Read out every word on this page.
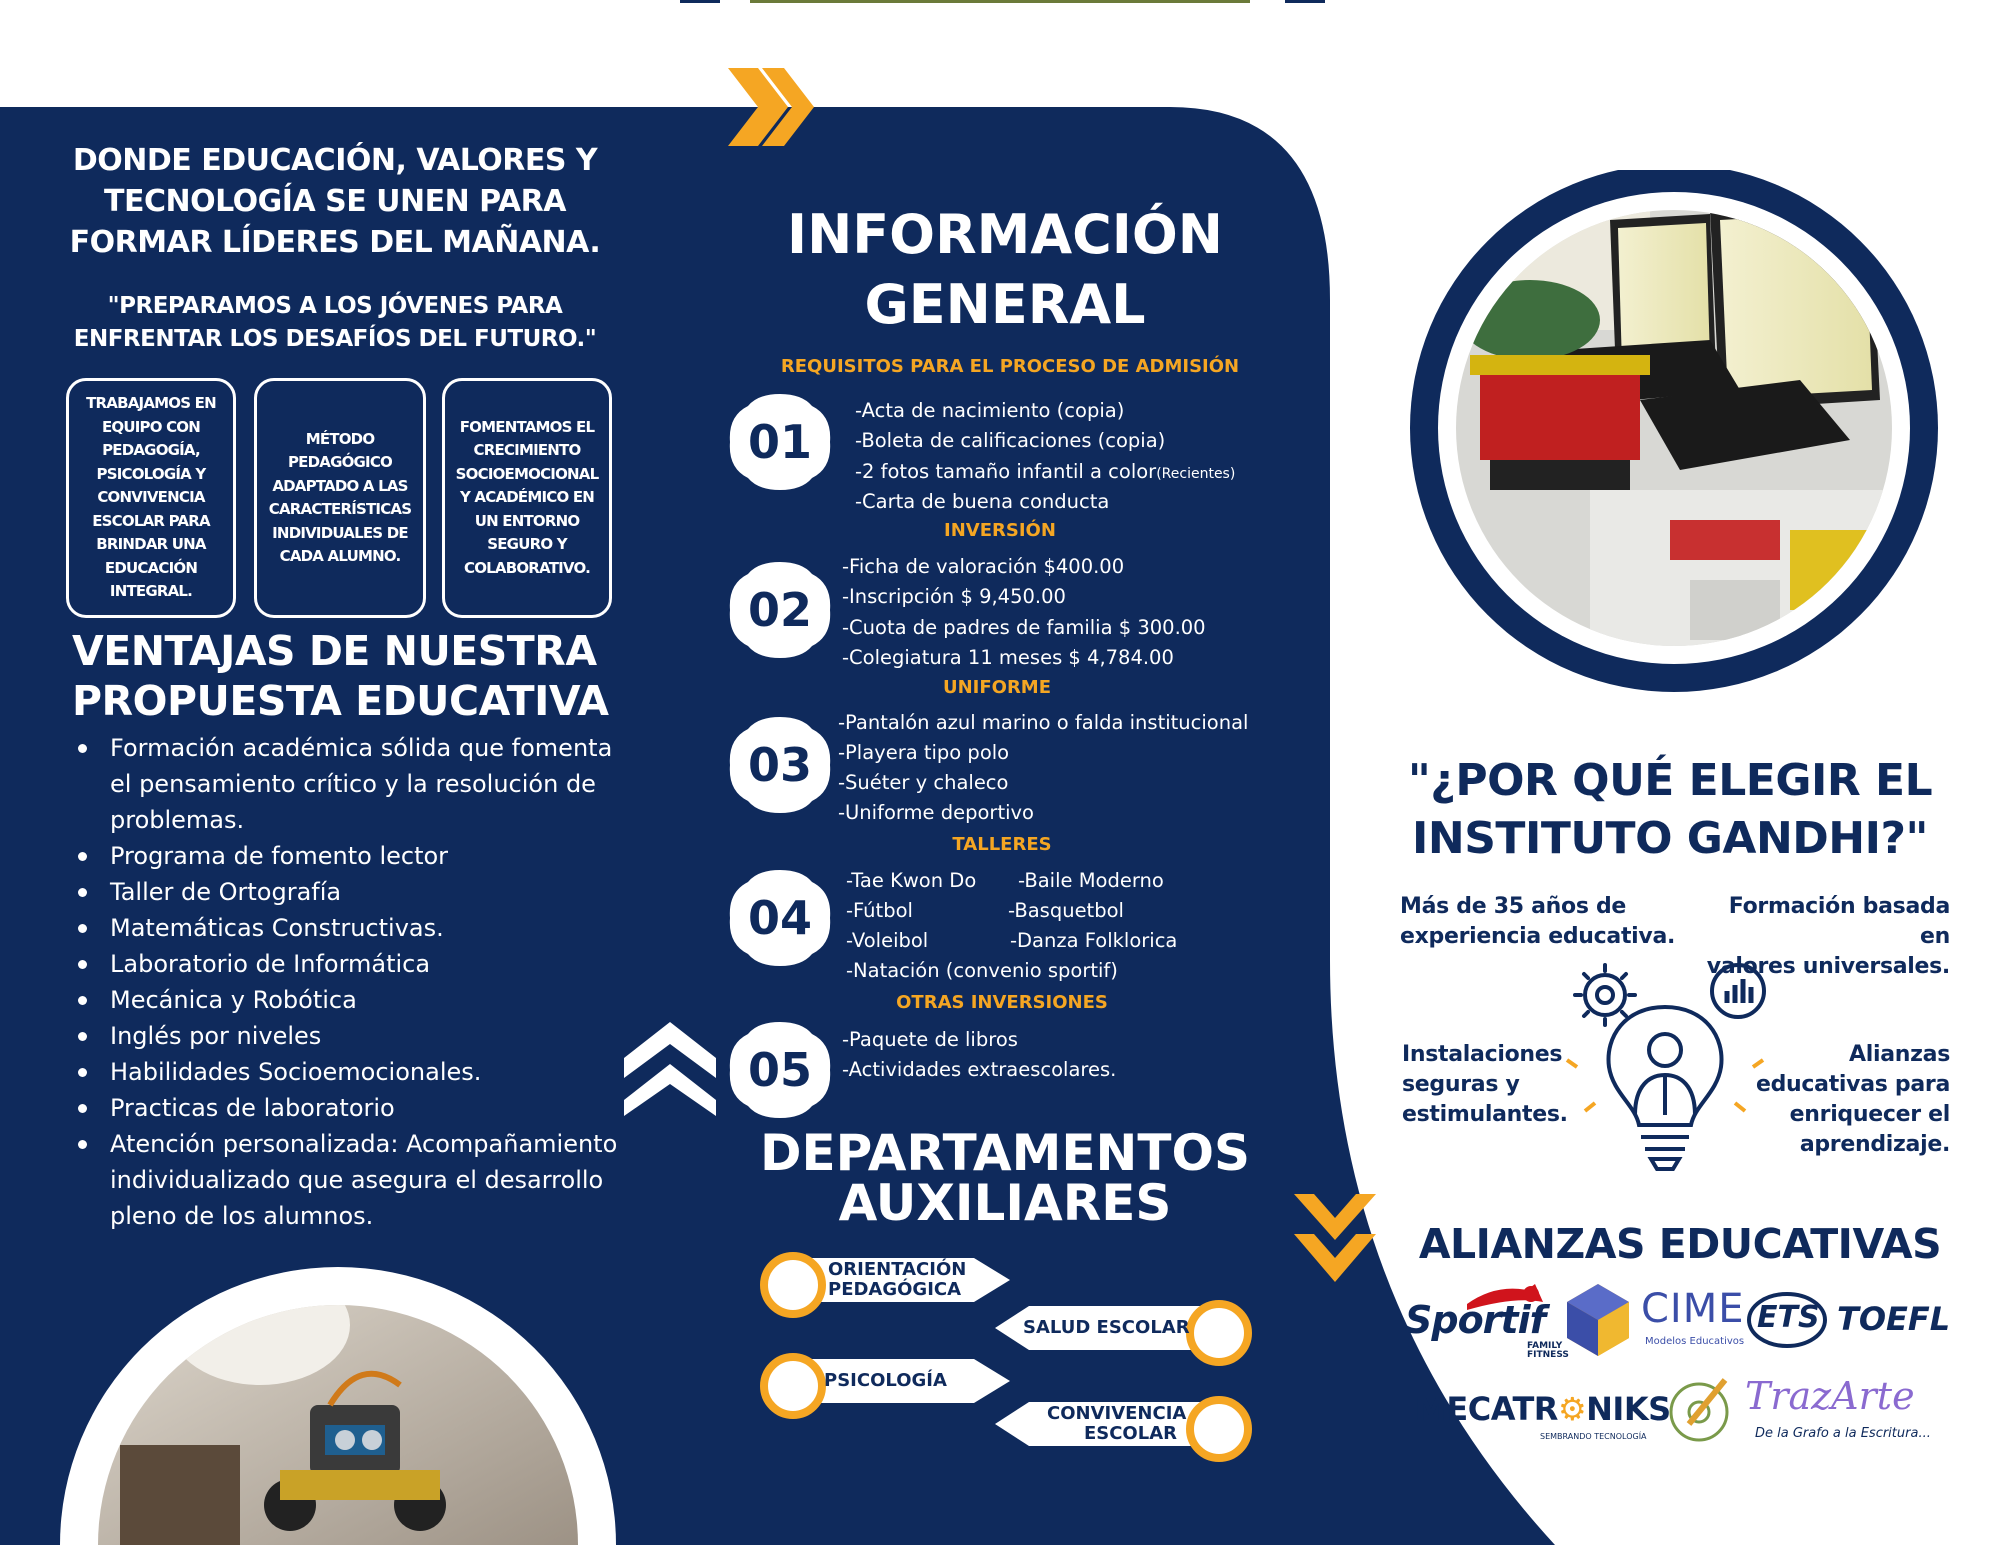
DONDE EDUCACIÓN, VALORES Y TECNOLOGÍA SE UNEN PARA FORMAR LÍDERES DEL MAÑANA.
"PREPARAMOS A LOS JÓVENES PARA ENFRENTAR LOS DESAFÍOS DEL FUTURO."
TRABAJAMOS EN EQUIPO CON PEDAGOGÍA, PSICOLOGÍA Y CONVIVENCIA ESCOLAR PARA BRINDAR UNA EDUCACIÓN INTEGRAL.
MÉTODO PEDAGÓGICO ADAPTADO A LAS CARACTERÍSTICAS INDIVIDUALES DE CADA ALUMNO.
FOMENTAMOS EL CRECIMIENTO SOCIOEMOCIONAL Y ACADÉMICO EN UN ENTORNO SEGURO Y COLABORATIVO.
VENTAJAS DE NUESTRA
PROPUESTA EDUCATIVA
Formación académica sólida que fomenta el pensamiento crítico y la resolución de problemas.
Programa de fomento lector
Taller de Ortografía
Matemáticas Constructivas.
Laboratorio de Informática
Mecánica y Robótica
Inglés por niveles
Habilidades Socioemocionales.
Practicas de laboratorio
Atención personalizada: Acompañamiento individualizado que asegura el desarrollo pleno de los alumnos.
INFORMACIÓN
GENERAL
REQUISITOS PARA EL PROCESO DE ADMISIÓN
01
02
03
04
05
-Acta de nacimiento (copia)
-Boleta de calificaciones (copia)
-2 fotos tamaño infantil a color(Recientes)
-Carta de buena conducta
INVERSIÓN
-Ficha de valoración $400.00
-Inscripción $ 9,450.00
-Cuota de padres de familia $ 300.00
-Colegiatura 11 meses $ 4,784.00
UNIFORME
-Pantalón azul marino o falda institucional
-Playera tipo polo
-Suéter y chaleco
-Uniforme deportivo
TALLERES
-Tae Kwon Do
-Fútbol
-Voleibol
-Baile Moderno
-Basquetbol
-Danza Folklorica
-Natación (convenio sportif)
OTRAS INVERSIONES
-Paquete de libros
-Actividades extraescolares.
DEPARTAMENTOS
AUXILIARES
ORIENTACIÓN
PEDAGÓGICA
SALUD ESCOLAR
PSICOLOGÍA
CONVIVENCIA
ESCOLAR
"¿POR QUÉ ELEGIR EL
INSTITUTO GANDHI?"
Más de 35 años de
experiencia educativa.
Formación basada en
valores universales.
Instalaciones
seguras y
estimulantes.
Alianzas
educativas para
enriquecer el
aprendizaje.
ALIANZAS EDUCATIVAS
Sportif
FAMILY
FITNESS
CIME
Modelos Educativos
ETS TOEFL
MECATR⚙NIKS
SEMBRANDO TECNOLOGÍA
TrazArte
De la Grafo a la Escritura...
